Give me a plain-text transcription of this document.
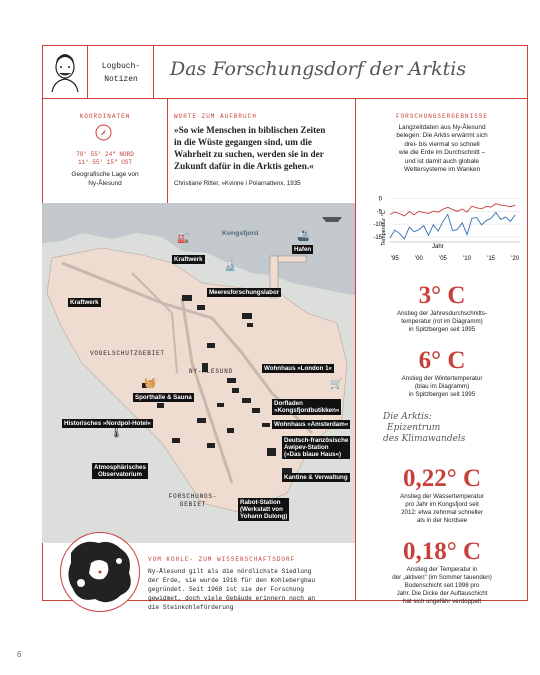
Logbuch-
Notizen	Das Forschungsdorf der Arktis
KOORDINATEN
78° 55' 24" NORD
11° 55' 15" OST
Geografische Lage von
Ny-Ålesund
WORTE ZUM AUFBRUCH
»So wie Menschen in biblischen Zeiten
in die Wüste gegangen sind, um die
Wahrheit zu suchen, werden sie in der
Zukunft dafür in die Arktis gehen.«
Christiane Ritter, »Kvinne i Polarnattenx, 1935
FORSCHUNGSERGEBNISSE
Langzeitdaten aus Ny-Ålesund
belegen: Die Arktis erwärmt sich
drei- bis viermal so schnell
wie die Erde im Durchschnitt –
und ist damit auch globale
Wettersysteme im Wanken
0
-5
-10
-15
'95	'00	'05	'10	'15	'20
Temperatur °C
Jahr
3° C
Anstieg der Jahresdurchschnitts-
temperatur (rot im Diagramm)
in Spitzbergen seit 1995
6° C
Anstieg der Wintertemperatur
(blau im Diagramm)
in Spitzbergen seit 1995
Die Arktis:
Epizentrum
des Klimawandels
0,22° C
Anstieg der Wassertemperatur
pro Jahr im Kongsfjord seit
2012: etwa zehnmal schneller
als in der Nordsee
0,18° C
Anstieg der Temperatur in
der „aktiven" (im Sommer tauenden)
Bodenschicht seit 1998 pro
Jahr. Die Dicke der Auftauschicht
hat sich ungefähr verdoppelt
Kongsfjord
VOGELSCHUTZGEBIET
NY-ÅLESUND
FORSCHUNGS-
GEBIET
🏭	🚢
🔬
🧺	🛒
🌡
Kraftwerk
Hafen
Meeresforschungslabor
Kraftwerk
Wohnhaus »London 1«
Sporthalle & Sauna
Dorfladen
»Kongsfjordbutikken«
Historisches »Nordpol-Hotel«	Wohnhaus »Amsterdam«
Deutsch-französische
Awipev-Station
(»Das blaue Haus«)
Atmosphärisches
Observatorium	Kantine & Verwaltung
Rabot-Station
(Werkstatt von
Yohann Dulong)
VOM KOHLE- ZUM WISSENSCHAFTSDORF
Ny-Ålesund gilt als die nördlichste Siedlung
der Erde, sie wurde 1916 für den Kohlebergbau
gegründet. Seit 1968 ist sie der Forschung
gewidmet, doch viele Gebäude erinnern noch an
die Steinkohleförderung
6
